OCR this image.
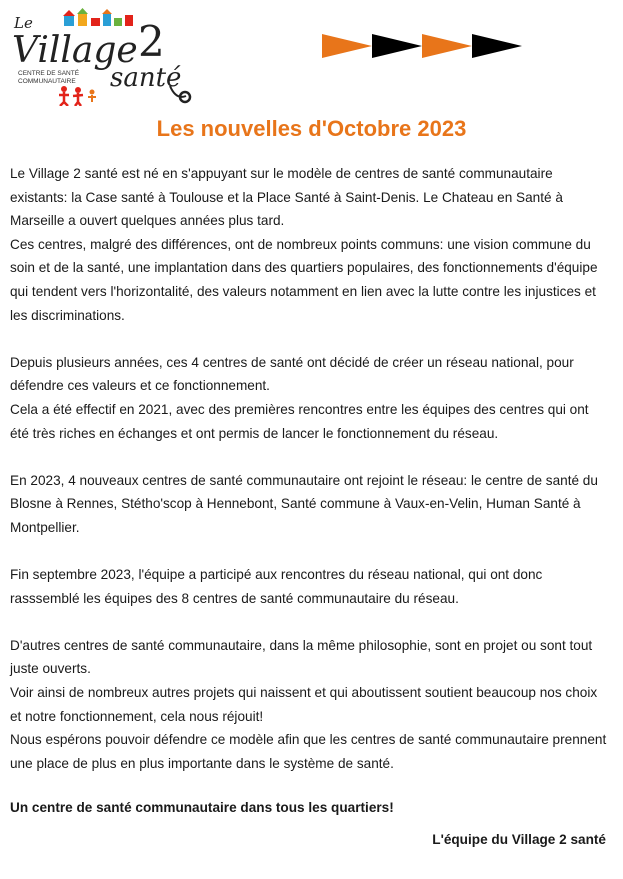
Le
Village 2
santé
CENTRE DE SANTÉ
COMMUNAUTAIRE
Les nouvelles d'Octobre 2023

Le Village 2 santé est né en s'appuyant sur le modèle de centres de santé communautaire existants: la Case santé à Toulouse et la Place Santé à Saint-Denis. Le Chateau en Santé à Marseille a ouvert quelques années plus tard.

Ces centres, malgré des différences, ont de nombreux points communs: une vision commune du soin et de la santé, une implantation dans des quartiers populaires, des fonctionnements d'équipe qui tendent vers l'horizontalité, des valeurs notamment en lien avec la lutte contre les injustices et les discriminations.

Depuis plusieurs années, ces 4 centres de santé ont décidé de créer un réseau national, pour défendre ces valeurs et ce fonctionnement.

Cela a été effectif en 2021, avec des premières rencontres entre les équipes des centres qui ont été très riches en échanges et ont permis de lancer le fonctionnement du réseau.

En 2023, 4 nouveaux centres de santé communautaire ont rejoint le réseau: le centre de santé du Blosne à Rennes, Stétho'scop à Hennebont, Santé commune à Vaux-en-Velin, Human Santé à Montpellier.

Fin septembre 2023, l'équipe a participé aux rencontres du réseau national, qui ont donc rasssemblé les équipes des 8 centres de santé communautaire du réseau.

D'autres centres de santé communautaire, dans la même philosophie, sont en projet ou sont tout juste ouverts.

Voir ainsi de nombreux autres projets qui naissent et qui aboutissent soutient beaucoup nos choix et notre fonctionnement, cela nous réjouit!

Nous espérons pouvoir défendre ce modèle afin que les centres de santé communautaire prennent une place de plus en plus importante dans le système de santé.

Un centre de santé communautaire dans tous les quartiers!

L'équipe du Village 2 santé
